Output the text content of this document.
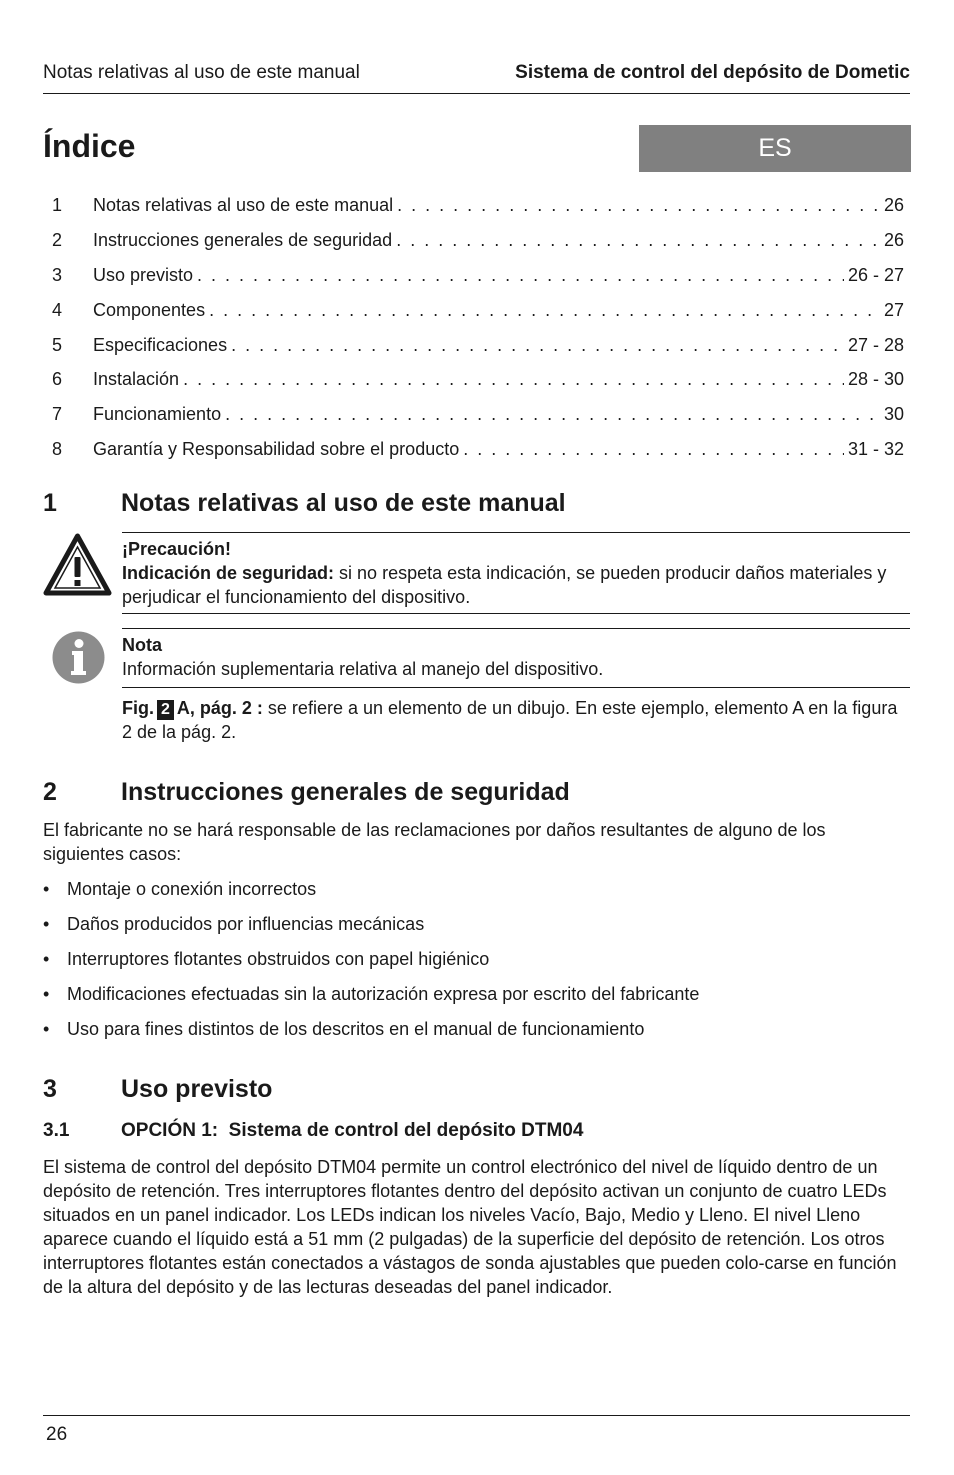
Notas relativas al uso de este manual	Sistema de control del depósito de Dometic
Índice	ES
1	Notas relativas al uso de este manual . . .	26
2	Instrucciones generales de seguridad . . .	26
3	Uso previsto . . .	26 - 27
4	Componentes . . .	27
5	Especificaciones . . .	27 - 28
6	Instalación . . .	28 - 30
7	Funcionamiento . . .	30
8	Garantía y Responsabilidad sobre el producto . . .	31 - 32
1	Notas relativas al uso de este manual
¡Precaución!
Indicación de seguridad: si no respeta esta indicación, se pueden producir daños materiales y perjudicar el funcionamiento del dispositivo.
Nota
Información suplementaria relativa al manejo del dispositivo.
Fig. 2 A, pág. 2 : se refiere a un elemento de un dibujo. En este ejemplo, elemento A en la figura 2 de la pág. 2.
2	Instrucciones generales de seguridad
El fabricante no se hará responsable de las reclamaciones por daños resultantes de alguno de los siguientes casos:
• Montaje o conexión incorrectos
• Daños producidos por influencias mecánicas
• Interruptores flotantes obstruidos con papel higiénico
• Modificaciones efectuadas sin la autorización expresa por escrito del fabricante
• Uso para fines distintos de los descritos en el manual de funcionamiento
3	Uso previsto
3.1	OPCIÓN 1:  Sistema de control del depósito DTM04
El sistema de control del depósito DTM04 permite un control electrónico del nivel de líquido dentro de un depósito de retención. Tres interruptores flotantes dentro del depósito activan un conjunto de cuatro LEDs situados en un panel indicador. Los LEDs indican los niveles Vacío, Bajo, Medio y Lleno. El nivel Lleno aparece cuando el líquido está a 51 mm (2 pulgadas) de la superficie del depósito de retención. Los otros interruptores flotantes están conectados a vástagos de sonda ajustables que pueden colo-carse en función de la altura del depósito y de las lecturas deseadas del panel indicador.
26
